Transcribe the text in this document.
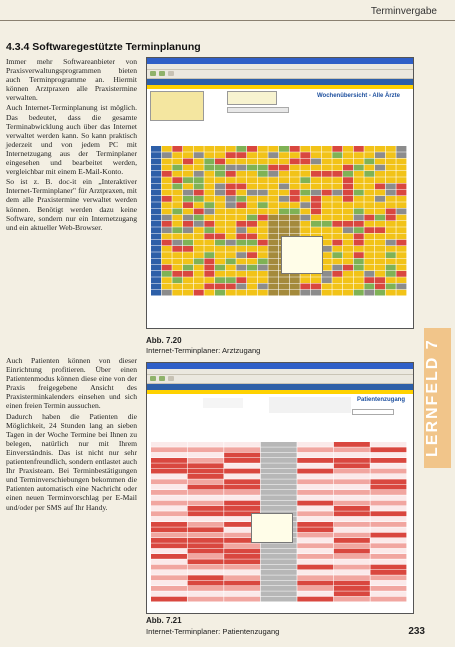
Terminvergabe
4.3.4 Softwaregestützte Terminplanung

Immer mehr Softwareanbieter von Praxisverwaltungsprogrammen bieten auch Terminprogramme an. Hiermit können Arztpraxen alle Praxistermine verwalten.

Auch Internet-Terminplanung ist möglich. Das bedeutet, dass die gesamte Terminabwicklung auch über das Internet verwaltet werden kann. So kann praktisch jederzeit und von jedem PC mit Internetzugang aus der Terminplaner eingesehen und bearbeitet werden, vergleichbar mit einem E-Mail-Konto.

So ist z. B. doc-it ein „Interaktiver Internet-Terminplaner" für Arztpraxen, mit dem alle Praxistermine verwaltet werden können. Benötigt werden dazu keine Software, sondern nur ein Internetzugang und ein aktueller Web-Browser.

Auch Patienten können von dieser Einrichtung profitieren. Über einen Patientenmodus können diese eine von der Praxis freigegebene Ansicht des Praxisterminkalenders einsehen und sich einen freien Termin aussuchen.

Dadurch haben die Patienten die Möglichkeit, 24 Stunden lang an sieben Tagen in der Woche Termine bei Ihnen zu belegen, natürlich nur mit Ihrem Einverständnis. Das ist nicht nur sehr patientenfreundlich, sondern entlastet auch Ihr Praxisteam. Bei Terminbestätigungen und Terminverschiebungen bekommen die Patienten automatisch eine Nachricht oder einen neuen Terminvorschlag per E-Mail und/oder per SMS auf Ihr Handy.

Wochenübersicht - Alle Ärzte
Abb. 7.20
Internet-Terminplaner: Arztzugang	LERNFELD 7
Patientenzugang
Abb. 7.21
Internet-Terminplaner: Patientenzugang	233
